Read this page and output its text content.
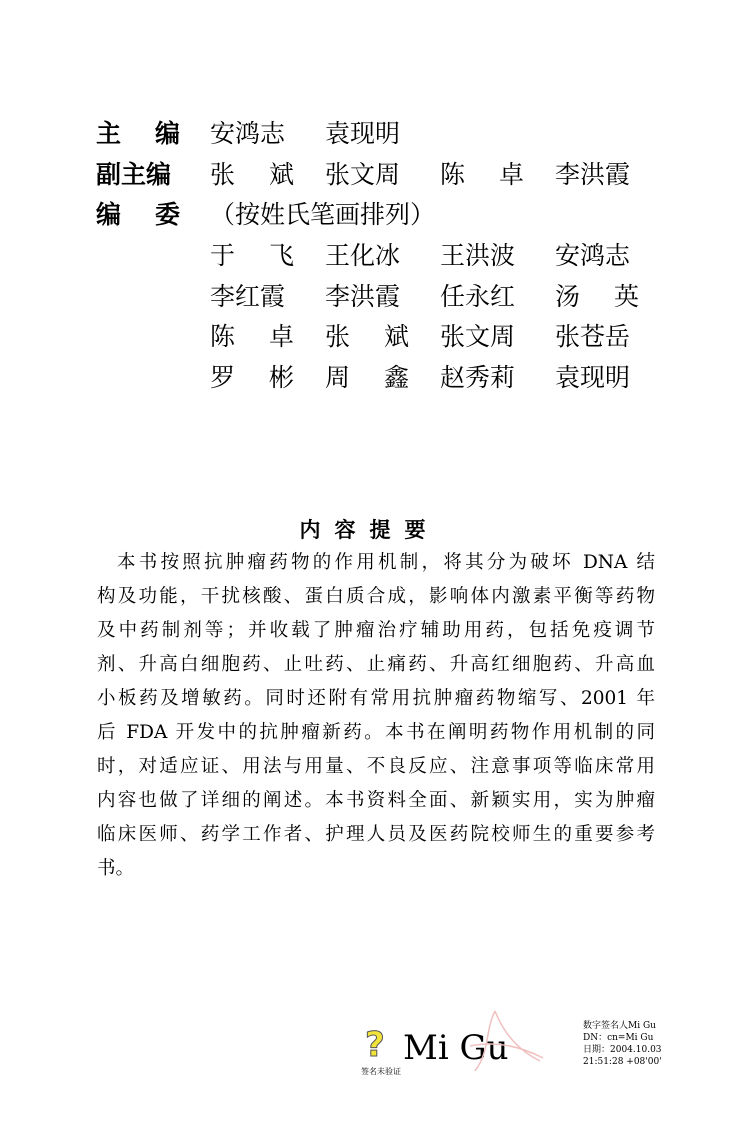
主 编 安鸿志 袁现明
副主编 张 斌 张文周 陈 卓 李洪霞
编 委 （按姓氏笔画排列）
于 飞 王化冰 王洪波 安鸿志
李红霞 李洪霞 任永红 汤 英
陈 卓 张 斌 张文周 张苍岳
罗 彬 周 鑫 赵秀莉 袁现明
内容提要
本书按照抗肿瘤药物的作用机制，将其分为破坏 DNA 结
构及功能，干扰核酸、蛋白质合成，影响体内激素平衡等药物
及中药制剂等；并收载了肿瘤治疗辅助用药，包括免疫调节
剂、升高白细胞药、止吐药、止痛药、升高红细胞药、升高血
小板药及增敏药。同时还附有常用抗肿瘤药物缩写、2001 年
后 FDA 开发中的抗肿瘤新药。本书在阐明药物作用机制的同
时，对适应证、用法与用量、不良反应、注意事项等临床常用
内容也做了详细的阐述。本书资料全面、新颖实用，实为肿瘤
临床医师、药学工作者、护理人员及医药院校师生的重要参考
书。
? Mi Gu
签名未验证
数字签名人Mi Gu
DN：cn=Mi Gu
日期：2004.10.03
21:51:28 +08'00'
